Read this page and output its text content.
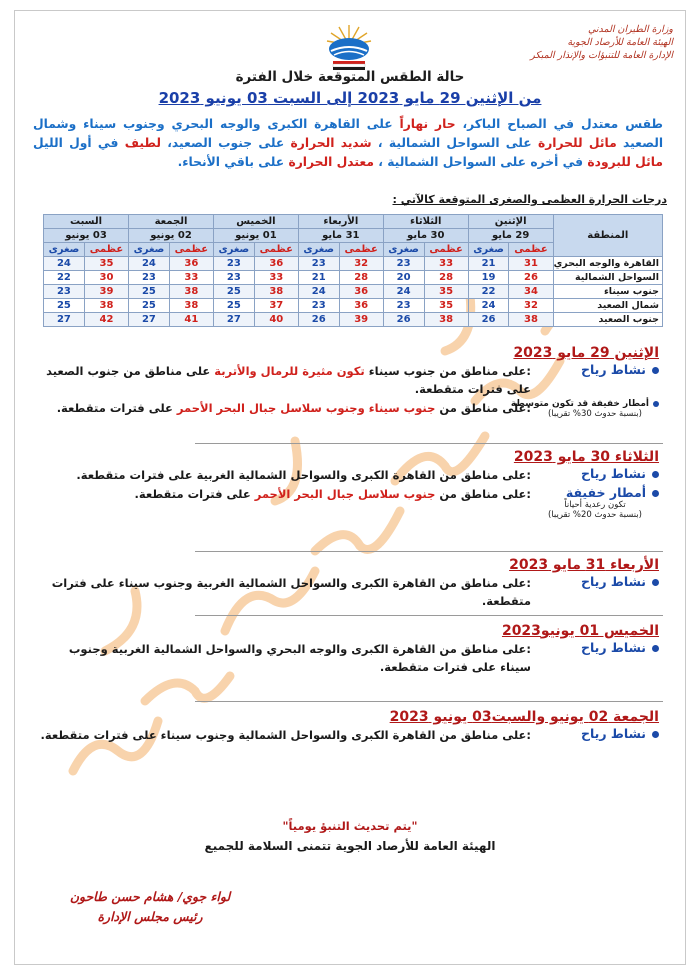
وزارة الطيران المدني
الهيئة العامة للأرصاد الجوية
الإدارة العامة للتنبؤات والإنذار المبكر
حالة الطقس المتوقعة خلال الفترة
من الإثنين 29 مايو 2023 إلى السبت 03 يونيو 2023
طقس معتدل في الصباح الباكر، حار نهاراً على القاهرة الكبرى والوجه البحري وجنوب سيناء وشمال الصعيد مائل للحرارة على السواحل الشمالية ، شديد الحرارة على جنوب الصعيد، لطيف في أول الليل مائل للبرودة في أخره على السواحل الشمالية ، معتدل الحرارة على باقي الأنحاء.
درجات الحرارة العظمى والصغرى المتوقعة كالآتي :
المنطقة	الإثنين		الثلاثاء		الأربعاء		الخميس		الجمعة		السبت	
	29 مايو		30 مايو		31 مايو		01 يونيو		02 يونيو		03 يونيو	
	عظمى	صغرى	عظمى	صغرى	عظمى	صغرى	عظمى	صغرى	عظمى	صغرى	عظمى	صغرى
القاهرة والوجه البحري	31	21	33	23	32	23	36	23	36	24	35	24
السواحل الشمالية	26	19	28	20	28	21	33	23	33	23	30	22
جنوب سيناء	34	22	35	24	36	24	38	25	38	25	39	23
شمال الصعيد	32	24	35	23	36	23	37	25	38	25	38	25
جنوب الصعيد	38	26	38	26	39	26	40	27	41	27	42	27
الإثنين 29 مايو 2023
نشاط رياح
:على مناطق من جنوب سيناء تكون مثيرة للرمال والأتربة على مناطق من جنوب الصعيد على فترات متقطعة.
أمطار خفيفة قد تكون متوسطة
(بنسبة حدوث 30% تقريبا)
:على مناطق من جنوب سيناء وجنوب سلاسل جبال البحر الأحمر على فترات متقطعة.
الثلاثاء 30 مايو 2023
نشاط رياح
:على مناطق من القاهرة الكبرى والسواحل الشمالية الغربية على فترات متقطعة.
أمطار خفيفة
تكون رعدية أحياناً
(بنسبة حدوث 20% تقريبا)
:على مناطق من جنوب سلاسل جبال البحر الأحمر على فترات متقطعة.
الأربعاء 31 مايو 2023
نشاط رياح
:على مناطق من القاهرة الكبرى والسواحل الشمالية الغربية وجنوب سيناء على فترات متقطعة.
الخميس 01 يونيو2023
نشاط رياح
:على مناطق من القاهرة الكبرى والوجه البحري والسواحل الشمالية الغربية وجنوب سيناء على فترات متقطعة.
الجمعة 02 يونيو والسبت03 يونيو 2023
نشاط رياح
:على مناطق من القاهرة الكبرى والسواحل الشمالية وجنوب سيناء على فترات متقطعة.
"يتم تحديث التنبؤ يومياً"
الهيئة العامة للأرصاد الجوية تتمنى السلامة للجميع
لواء جوي/ هشام حسن طاحون
رئيس مجلس الإدارة
